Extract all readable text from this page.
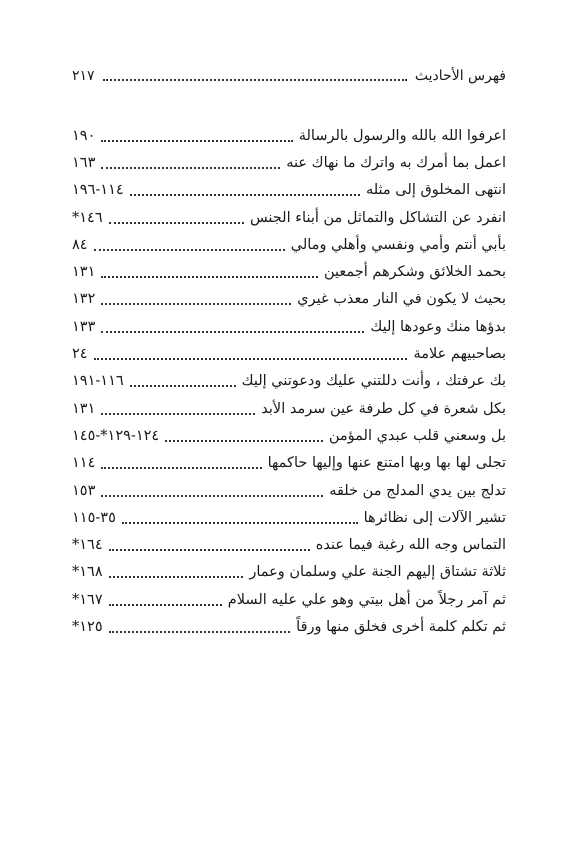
فهرس الأحاديث
٢١٧
اعرفوا الله بالله والرسول بالرسالة
١٩٠
اعمل بما أمرك به واترك ما نهاك عنه
١٦٣
انتهى المخلوق إلى مثله
١١٤-١٩٦
انفرد عن التشاكل والتماثل من أبناء الجنس
١٤٦*
بأبي أنتم وأمي ونفسي وأهلي ومالي
٨٤
بحمد الخلائق وشكرهم أجمعين
١٣١
بحيث لا يكون في النار معذب غيري
١٣٢
بدؤها منك وعودها إليك
١٣٣
بصاحبيهم علامة
٢٤
بك عرفتك ، وأنت دللتني عليك ودعوتني إليك
١١٦-١٩١
بكل شعرة في كل طرفة عين سرمد الأبد
١٣١
بل وسعني قلب عبدي المؤمن
١٢٤-١٢٩*-١٤٥
تجلى لها بها وبها امتنع عنها وإليها حاكمها
١١٤
تدلج بين يدي المدلج من خلقه
١٥٣
تشير الآلات إلى نظائرها
٣٥-١١٥
التماس وجه الله رغبة فيما عنده
١٦٤*
ثلاثة تشتاق إليهم الجنة علي وسلمان وعمار
١٦٨*
ثم آمر رجلاً من أهل بيتي وهو علي عليه السلام
١٦٧*
ثم تكلم كلمة أخرى فخلق منها ورقاً
١٢٥*
